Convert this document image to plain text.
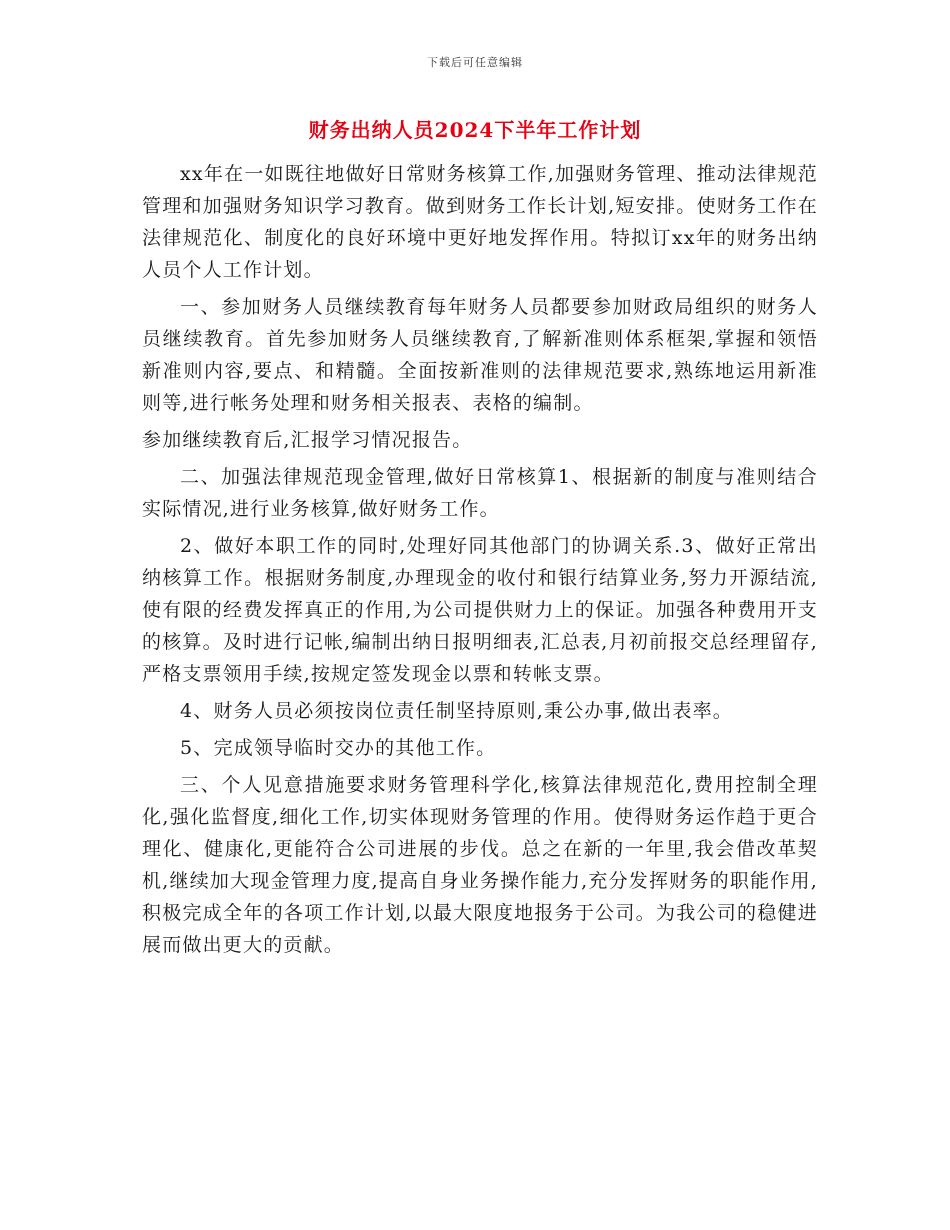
下载后可任意编辑
财务出纳人员2024下半年工作计划

xx年在一如既往地做好日常财务核算工作,加强财务管理、推动法律规范管理和加强财务知识学习教育。做到财务工作长计划,短安排。使财务工作在法律规范化、制度化的良好环境中更好地发挥作用。特拟订xx年的财务出纳人员个人工作计划。

一、参加财务人员继续教育每年财务人员都要参加财政局组织的财务人员继续教育。首先参加财务人员继续教育,了解新准则体系框架,掌握和领悟新准则内容,要点、和精髓。全面按新准则的法律规范要求,熟练地运用新准则等,进行帐务处理和财务相关报表、表格的编制。

参加继续教育后,汇报学习情况报告。

二、加强法律规范现金管理,做好日常核算1、根据新的制度与准则结合实际情况,进行业务核算,做好财务工作。

2、做好本职工作的同时,处理好同其他部门的协调关系.3、做好正常出纳核算工作。根据财务制度,办理现金的收付和银行结算业务,努力开源结流,使有限的经费发挥真正的作用,为公司提供财力上的保证。加强各种费用开支的核算。及时进行记帐,编制出纳日报明细表,汇总表,月初前报交总经理留存,严格支票领用手续,按规定签发现金以票和转帐支票。

4、财务人员必须按岗位责任制坚持原则,秉公办事,做出表率。

5、完成领导临时交办的其他工作。

三、个人见意措施要求财务管理科学化,核算法律规范化,费用控制全理化,强化监督度,细化工作,切实体现财务管理的作用。使得财务运作趋于更合理化、健康化,更能符合公司进展的步伐。总之在新的一年里,我会借改革契机,继续加大现金管理力度,提高自身业务操作能力,充分发挥财务的职能作用,积极完成全年的各项工作计划,以最大限度地报务于公司。为我公司的稳健进展而做出更大的贡献。
